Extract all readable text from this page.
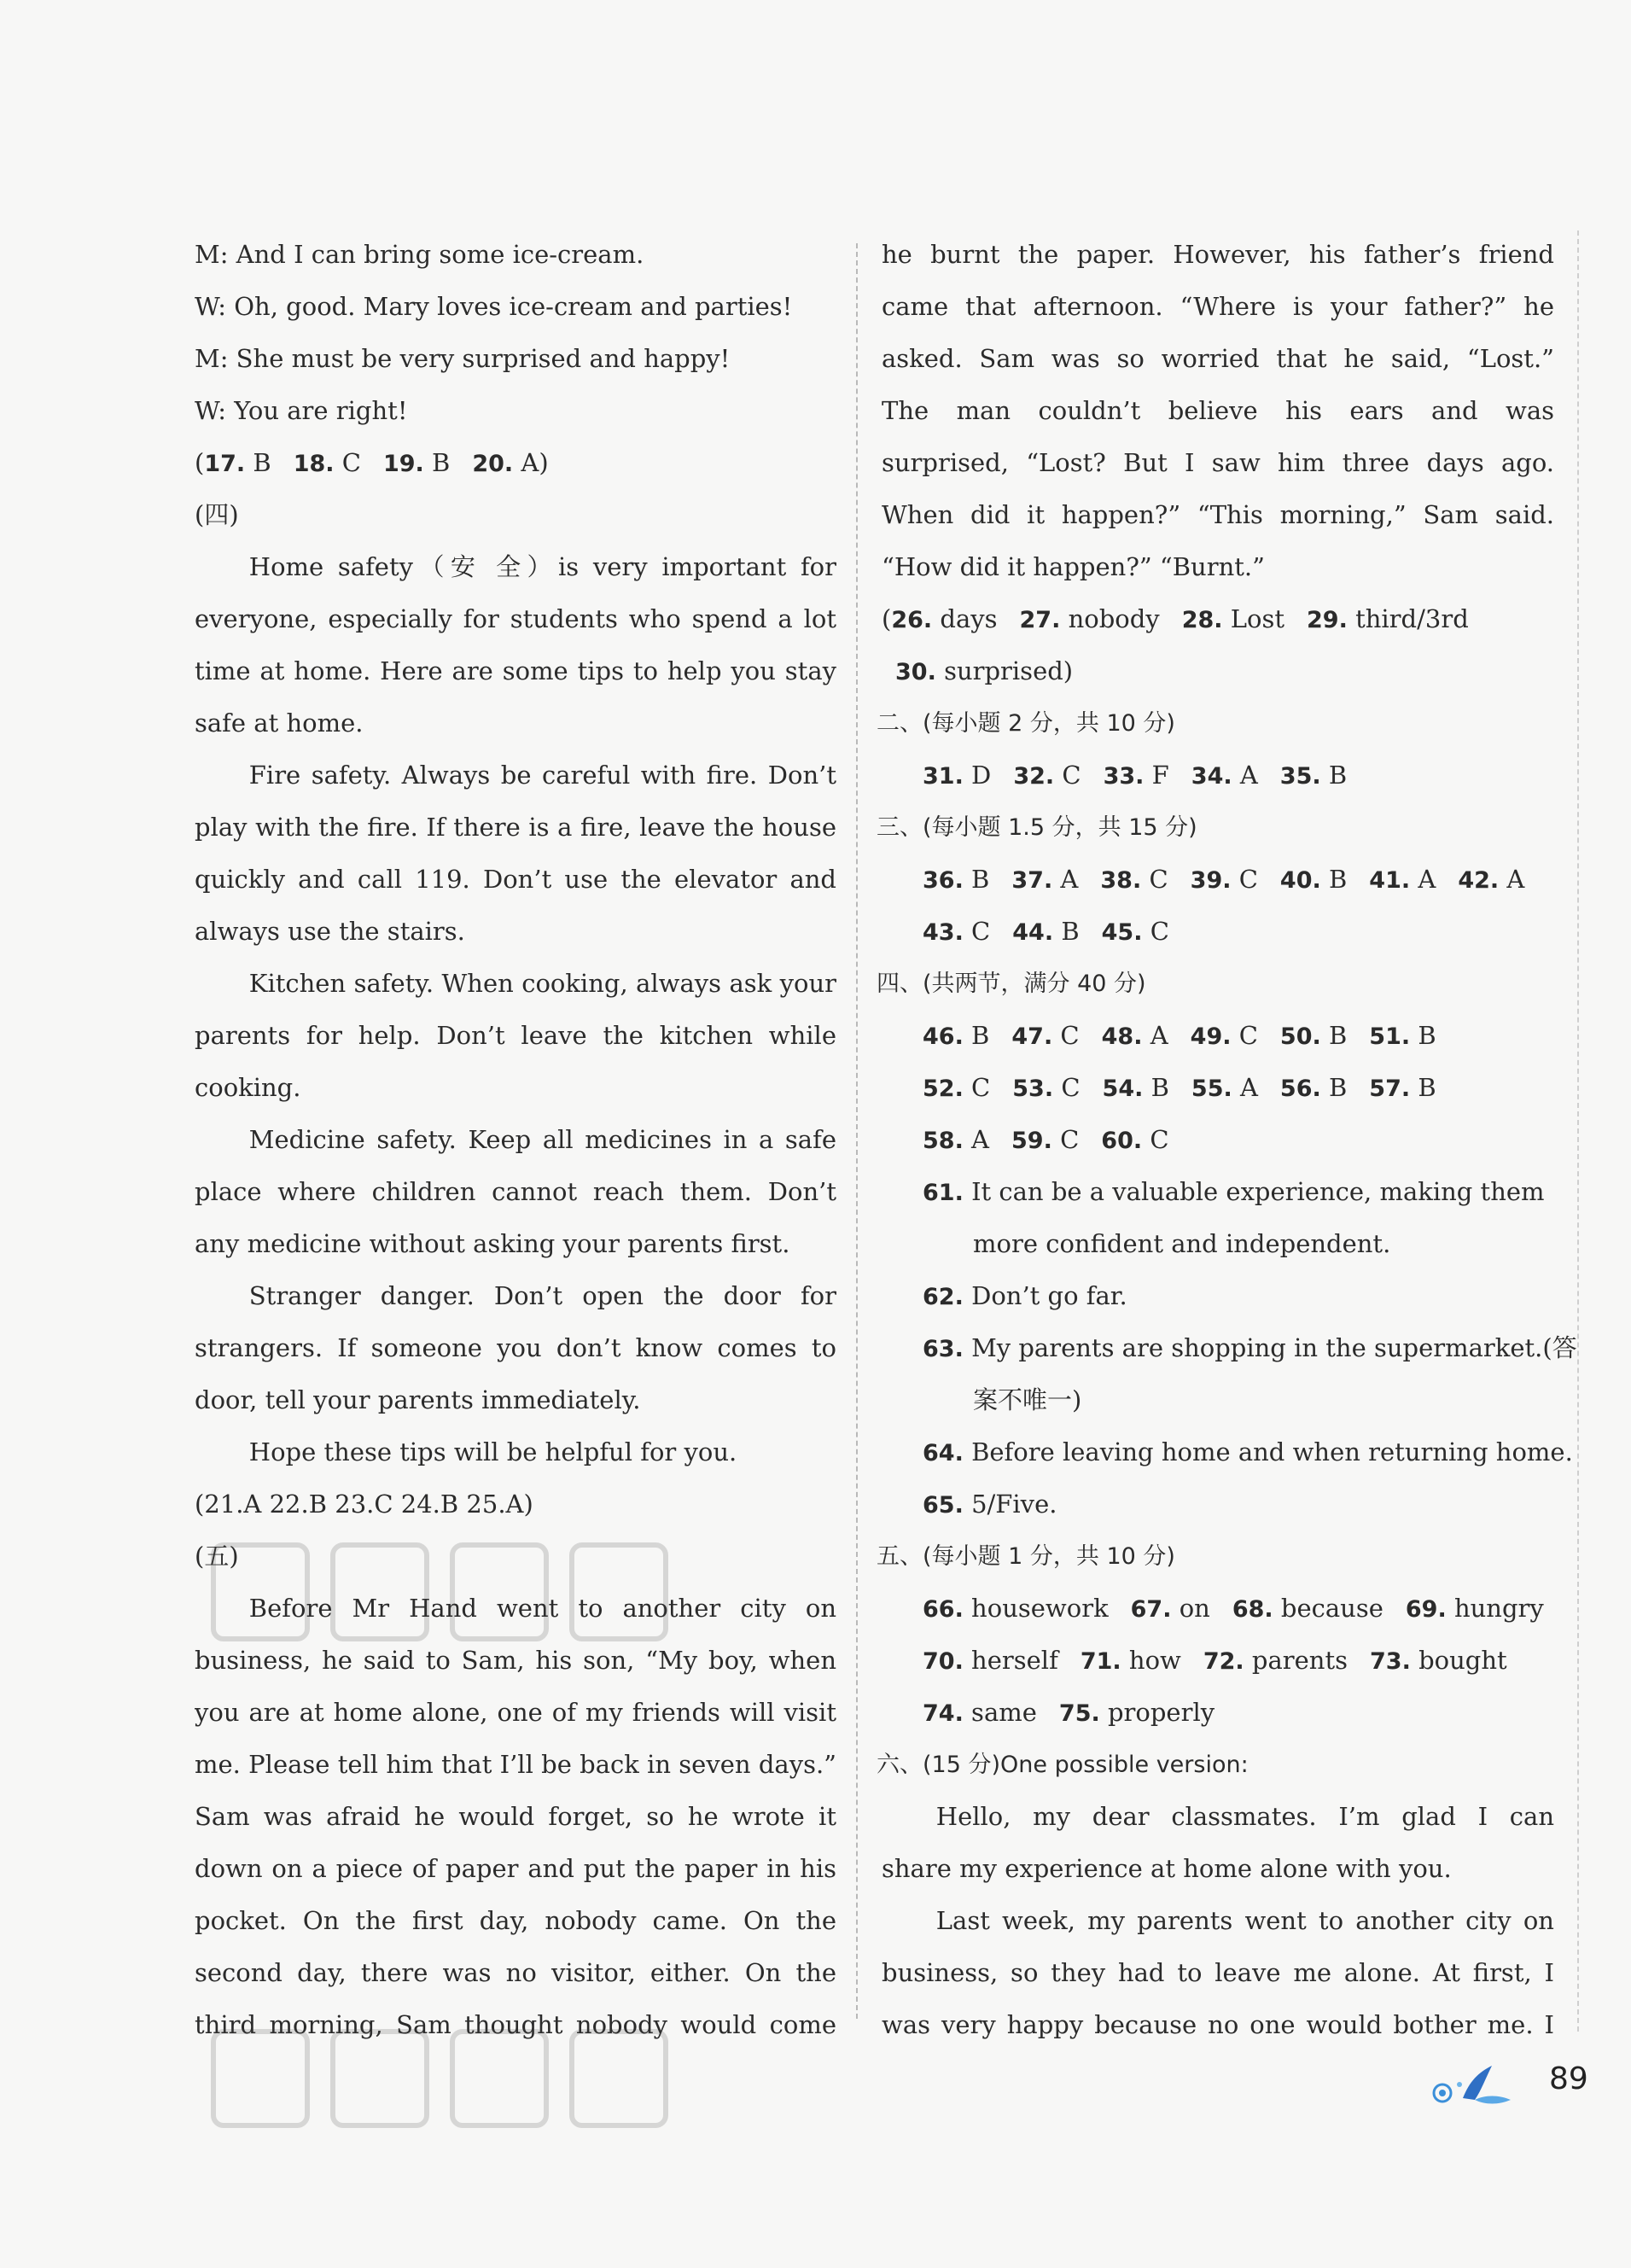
M: And I can bring some ice-cream.
W: Oh, good. Mary loves ice-cream and parties!
M: She must be very surprised and happy!
W: You are right!
(17. B 18. C 19. B 20. A)
(四)
Home safety（安 全）is very important for
everyone, especially for students who spend a lot
time at home. Here are some tips to help you stay
safe at home.
Fire safety. Always be careful with fire. Don’t
play with the fire. If there is a fire, leave the house
quickly and call 119. Don’t use the elevator and
always use the stairs.
Kitchen safety. When cooking, always ask your
parents for help. Don’t leave the kitchen while
cooking.
Medicine safety. Keep all medicines in a safe
place where children cannot reach them. Don’t
any medicine without asking your parents first.
Stranger danger. Don’t open the door for
strangers. If someone you don’t know comes to
door, tell your parents immediately.
Hope these tips will be helpful for you.
(21.A 22.B 23.C 24.B 25.A)
(五)
Before Mr Hand went to another city on
business, he said to Sam, his son, “My boy, when
you are at home alone, one of my friends will visit
me. Please tell him that I’ll be back in seven days.”
Sam was afraid he would forget, so he wrote it
down on a piece of paper and put the paper in his
pocket. On the first day, nobody came. On the
second day, there was no visitor, either. On the
third morning, Sam thought nobody would come
he burnt the paper. However, his father’s friend
came that afternoon. “Where is your father?” he
asked. Sam was so worried that he said, “Lost.”
The man couldn’t believe his ears and was
surprised, “Lost? But I saw him three days ago.
When did it happen?” “This morning,” Sam said.
“How did it happen?” “Burnt.”
(26. days 27. nobody 28. Lost 29. third/3rd
30. surprised)
二、(每小题 2 分，共 10 分)
31. D 32. C 33. F 34. A 35. B
三、(每小题 1.5 分，共 15 分)
36. B 37. A 38. C 39. C 40. B 41. A 42. A
43. C 44. B 45. C
四、(共两节，满分 40 分)
46. B 47. C 48. A 49. C 50. B 51. B
52. C 53. C 54. B 55. A 56. B 57. B
58. A 59. C 60. C
61. It can be a valuable experience, making them
more confident and independent.
62. Don’t go far.
63. My parents are shopping in the supermarket.(答
案不唯一)
64. Before leaving home and when returning home.
65. 5/Five.
五、(每小题 1 分，共 10 分)
66. housework 67. on 68. because 69. hungry
70. herself 71. how 72. parents 73. bought
74. same 75. properly
六、(15 分)One possible version:
Hello, my dear classmates. I’m glad I can
share my experience at home alone with you.
Last week, my parents went to another city on
business, so they had to leave me alone. At first, I
was very happy because no one would bother me. I
89
